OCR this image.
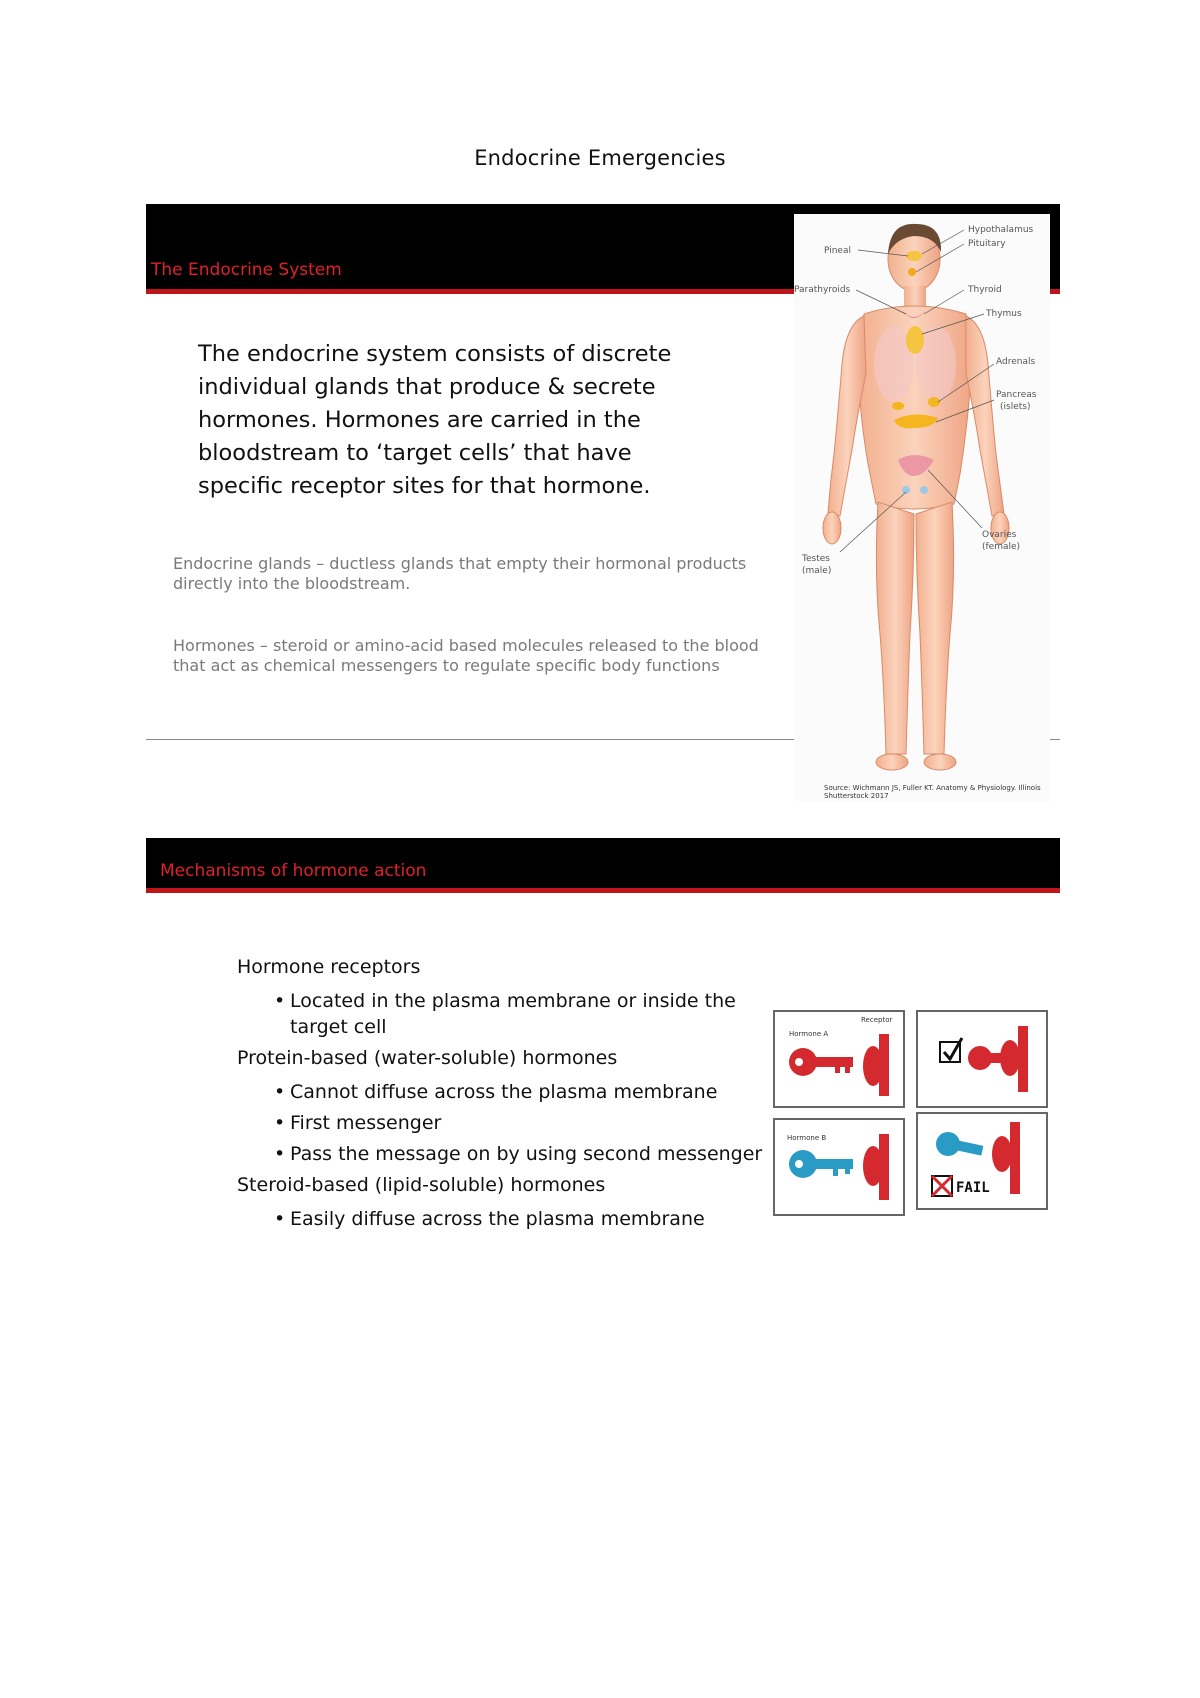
Endocrine Emergencies
The Endocrine System
The endocrine system consists of discrete individual glands that produce & secrete hormones. Hormones are carried in the bloodstream to ‘target cells’ that have specific receptor sites for that hormone.
Endocrine glands – ductless glands that empty their hormonal products directly into the bloodstream.
Hormones – steroid or amino-acid based molecules released to the blood that act as chemical messengers to regulate specific body functions
Hypothalamus
Pituitary
Pineal
Parathyroids	Thyroid
Thymus
Adrenals
Pancreas
(islets)
Ovaries
(female)
Testes
(male)
Source: Wichmann JS, Fuller KT. Anatomy & Physiology. Illinois
Shutterstock 2017
Mechanisms of hormone action
Hormone receptors
• Located in the plasma membrane or inside the target cell
Protein-based (water-soluble) hormones
• Cannot diffuse across the plasma membrane
• First messenger
• Pass the message on by using second messenger
Steroid-based (lipid-soluble) hormones
• Easily diffuse across the plasma membrane
Hormone A
Receptor
Hormone B
FAIL
